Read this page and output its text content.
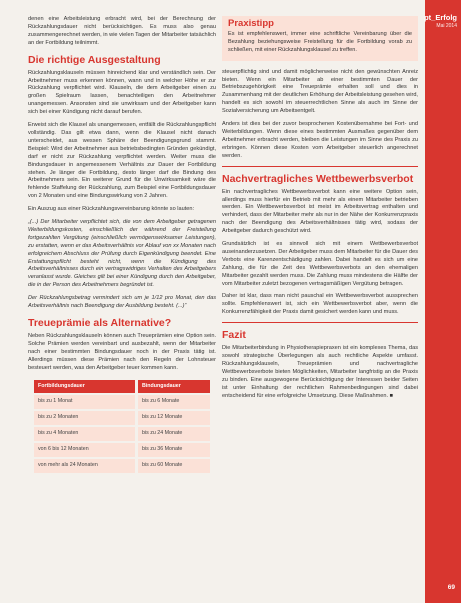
denen eine Arbeitsleistung erbracht wird, bei der Berechnung der Rückzahlungsdauer nicht berücksichtigen. Es muss also genau zusammengerechnet werden, in wie vielen Tagen der Mitarbeiter tatsächlich an der Fortbildung teilnimmt.

Die richtige Ausgestaltung

Rückzahlungsklauseln müssen hinreichend klar und verständlich sein. Der Arbeitnehmer muss erkennen können, wann und in welcher Höhe er zur Rückzahlung verpflichtet wird. Klauseln, die dem Arbeitgeber einen zu großen Spielraum lassen, benachteiligen den Arbeitnehmer unangemessen. Ansonsten sind sie unwirksam und der Arbeitgeber kann sich bei einer Kündigung nicht darauf berufen.

Erweist sich die Klausel als unangemessen, entfällt die Rückzahlungspflicht vollständig. Das gilt etwa dann, wenn die Klausel nicht danach unterscheidet, aus wessen Sphäre der Beendigungsgrund stammt. Beispiel: Wird der Arbeitnehmer aus betriebsbedingten Gründen gekündigt, darf er nicht zur Rückzahlung verpflichtet werden. Weiter muss die Bindungsdauer in angemessenem Verhältnis zur Dauer der Fortbildung stehen. Je länger die Fortbildung, desto länger darf die Bindung des Arbeitnehmers sein. Ein weiterer Grund für die Unwirksamkeit wäre die fehlende Staffelung der Rückzahlung, zum Beispiel eine Fortbildungsdauer von 2 Monaten und eine Bindungswirkung von 2 Jahren.

Ein Auszug aus einer Rückzahlungsvereinbarung könnte so lauten:

„(...) Der Mitarbeiter verpflichtet sich, die von dem Arbeitgeber getragenen Weiterbildungskosten, einschließlich der während der Freistellung fortgezahlten Vergütung (einschließlich vermögenswirksamer Leistungen), zu erstatten, wenn er das Arbeitsverhältnis vor Ablauf von xx Monaten nach erfolgreichem Abschluss der Prüfung durch Eigenkündigung beendet. Eine Erstattungspflicht besteht nicht, wenn die Kündigung des Arbeitsverhältnisses durch ein vertragswidriges Verhalten des Arbeitgebers veranlasst wurde. Gleiches gilt bei einer Kündigung durch den Arbeitgeber, die in der Person des Arbeitnehmers begründet ist.

Der Rückzahlungsbetrag vermindert sich um je 1/12 pro Monat, den das Arbeitsverhältnis nach Beendigung der Ausbildung besteht. (...)“

Treueprämie als Alternative?

Neben Rückzahlungsklauseln können auch Treueprämien eine Option sein. Solche Prämien werden vereinbart und ausbezahlt, wenn der Mitarbeiter nach einer bestimmten Bindungsdauer noch in der Praxis tätig ist. Allerdings müssen diese Prämien nach den Regeln der Lohnsteuer besteuert werden, was den Arbeitgeber teuer kommen kann.

Fortbildungsdauer		Bindungsdauer
bis zu 1 Monat		bis zu 6 Monate
bis zu 2 Monaten		bis zu 12 Monate
bis zu 4 Monaten		bis zu 24 Monate
von 6 bis 12 Monaten		bis zu 36 Monate
von mehr als 24 Monaten		bis zu 60 Monate
Praxistipp

Es ist empfehlenswert, immer eine schriftliche Vereinbarung über die Bezahlung beziehungsweise Freistellung für die Fortbildung vorab zu schließen, mit einer Rückzahlungsklausel zu treffen.

steuerpflichtig sind und damit möglicherweise nicht den gewünschten Anreiz bieten. Wenn ein Mitarbeiter ab einer bestimmten Dauer der Betriebszugehörigkeit eine Treueprämie erhalten soll und dies in Zusammenhang mit der deutlichen Erhöhung der Arbeitsleistung gesehen wird, handelt es sich sowohl im steuerrechtlichen Sinne als auch im Sinne der Sozialversicherung um Arbeitsentgelt.

Anders ist dies bei der zuvor besprochenen Kostenübernahme bei Fort- und Weiterbildungen. Wenn diese eines bestimmten Ausmaßes gegenüber dem Arbeitnehmer erbracht werden, bleiben die Leistungen im Sinne des Praxis zu erbringen. Können diese Kosten vom Arbeitgeber steuerlich angerechnet werden.

Nachvertragliches Wettbewerbsverbot

Ein nachvertragliches Wettbewerbsverbot kann eine weitere Option sein, allerdings muss hierfür ein Betrieb mit mehr als einem Mitarbeiter betrieben werden. Ein Wettbewerbsverbot ist meist im Arbeitsvertrag enthalten und verhindert, dass der Mitarbeiter mehr als nur in der Nähe der Konkurrenzpraxis nach der Beendigung des Arbeitsverhältnisses tätig wird, sodass der Arbeitgeber dadurch geschützt wird.

Grundsätzlich ist es sinnvoll sich mit einem Wettbewerbsverbot auseinanderzusetzen. Der Arbeitgeber muss dem Mitarbeiter für die Dauer des Verbots eine Karenzentschädigung zahlen. Dabei handelt es sich um eine Zahlung, die für die Zeit des Wettbewerbsverbots an den ehemaligen Mitarbeiter gezahlt werden muss. Die Zahlung muss mindestens die Hälfte der vom Mitarbeiter zuletzt bezogenen vertragsmäßigen Vergütung betragen.

Daher ist klar, dass man nicht pauschal ein Wettbewerbsverbot aussprechen sollte. Empfehlenswert ist, sich ein Wettbewerbsverbot aber, wenn die Konkurrenzfähigkeit der Praxis damit gesichert werden kann und muss.

Fazit

Die Mitarbeiterbindung in Physiotherapiepraxen ist ein komplexes Thema, das sowohl strategische Überlegungen als auch rechtliche Aspekte umfasst. Rückzahlungsklauseln, Treueprämien und nachvertragliche Wettbewerbsverbote bieten Möglichkeiten, Mitarbeiter langfristig an die Praxis zu binden. Eine ausgewogene Berücksichtigung der Interessen beider Seiten ist unter Einhaltung der rechtlichen Rahmenbedingungen sind dabei entscheidend für eine erfolgreiche Umsetzung. Diese Maßnahmen. ■

pt_Erfolg
Mai 2014
69
